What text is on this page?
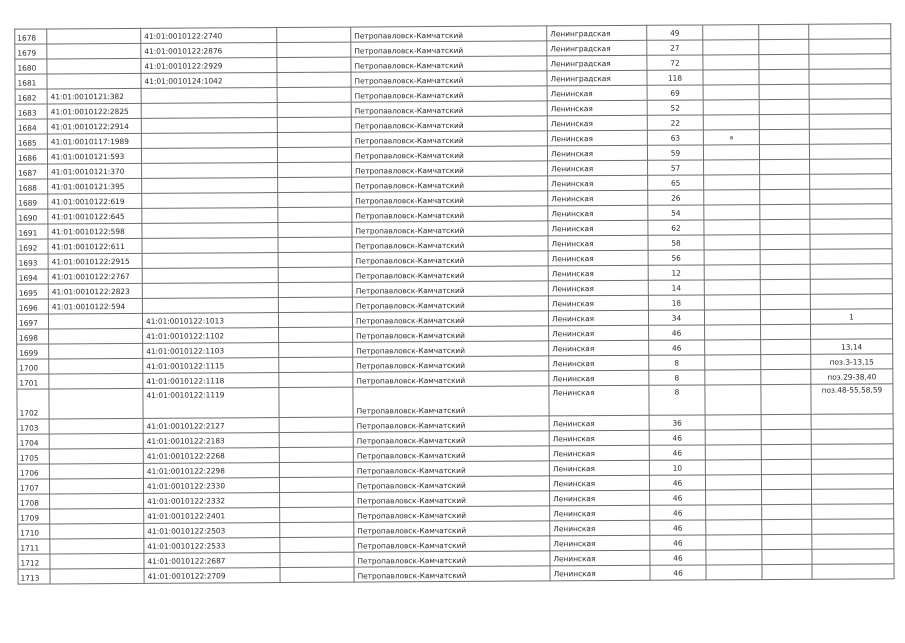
1678		41:01:0010122:2740		Петропавловск-Камчатский	Ленинградская	49			
1679		41:01:0010122:2876		Петропавловск-Камчатский	Ленинградская	27			
1680		41:01:0010122:2929		Петропавловск-Камчатский	Ленинградская	72			
1681		41:01:0010124:1042		Петропавловск-Камчатский	Ленинградская	118			
1682	41:01:0010121:382			Петропавловск-Камчатский	Ленинская	69			
1683	41:01:0010122:2825			Петропавловск-Камчатский	Ленинская	52			
1684	41:01:0010122:2914			Петропавловск-Камчатский	Ленинская	22			
1685	41:01:0010117:1989			Петропавловск-Камчатский	Ленинская	63	а		
1686	41:01:0010121:593			Петропавловск-Камчатский	Ленинская	59			
1687	41:01:0010121:370			Петропавловск-Камчатский	Ленинская	57			
1688	41:01:0010121:395			Петропавловск-Камчатский	Ленинская	65			
1689	41:01:0010122:619			Петропавловск-Камчатский	Ленинская	26			
1690	41:01:0010122:645			Петропавловск-Камчатский	Ленинская	54			
1691	41:01:0010122:598			Петропавловск-Камчатский	Ленинская	62			
1692	41:01:0010122:611			Петропавловск-Камчатский	Ленинская	58			
1693	41:01:0010122:2915			Петропавловск-Камчатский	Ленинская	56			
1694	41:01:0010122:2767			Петропавловск-Камчатский	Ленинская	12			
1695	41:01:0010122:2823			Петропавловск-Камчатский	Ленинская	14			
1696	41:01:0010122:594			Петропавловск-Камчатский	Ленинская	18			
1697		41:01:0010122:1013		Петропавловск-Камчатский	Ленинская	34			1
1698		41:01:0010122:1102		Петропавловск-Камчатский	Ленинская	46			
1699		41:01:0010122:1103		Петропавловск-Камчатский	Ленинская	46			13,14
1700		41:01:0010122:1115		Петропавловск-Камчатский	Ленинская	8			поз.3-13,15
1701		41:01:0010122:1118		Петропавловск-Камчатский	Ленинская	8			поз.29-38,40
1702		41:01:0010122:1119		Петропавловск-Камчатский	Ленинская	8			поз.48-55,58,59
1703		41:01:0010122:2127		Петропавловск-Камчатский	Ленинская	36			
1704		41:01:0010122:2183		Петропавловск-Камчатский	Ленинская	46			
1705		41:01:0010122:2268		Петропавловск-Камчатский	Ленинская	46			
1706		41:01:0010122:2298		Петропавловск-Камчатский	Ленинская	10			
1707		41:01:0010122:2330		Петропавловск-Камчатский	Ленинская	46			
1708		41:01:0010122:2332		Петропавловск-Камчатский	Ленинская	46			
1709		41:01:0010122:2401		Петропавловск-Камчатский	Ленинская	46			
1710		41:01:0010122:2503		Петропавловск-Камчатский	Ленинская	46			
1711		41:01:0010122:2533		Петропавловск-Камчатский	Ленинская	46			
1712		41:01:0010122:2687		Петропавловск-Камчатский	Ленинская	46			
1713		41:01:0010122:2709		Петропавловск-Камчатский	Ленинская	46			
